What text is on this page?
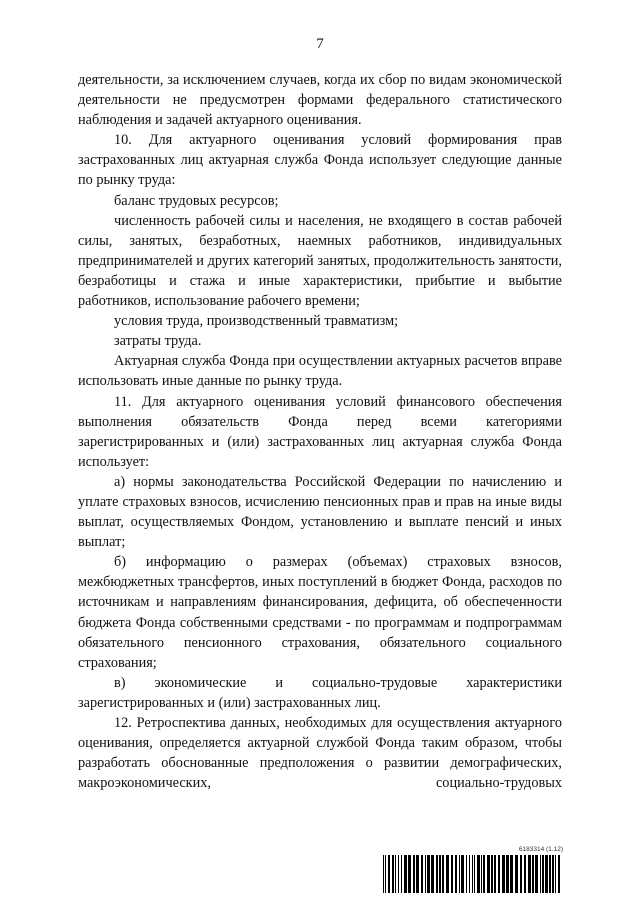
7

деятельности, за исключением случаев, когда их сбор по видам экономической деятельности не предусмотрен формами федерального статистического наблюдения и задачей актуарного оценивания.

10. Для актуарного оценивания условий формирования прав застрахованных лиц актуарная служба Фонда использует следующие данные по рынку труда:

баланс трудовых ресурсов;

численность рабочей силы и населения, не входящего в состав рабочей силы, занятых, безработных, наемных работников, индивидуальных предпринимателей и других категорий занятых, продолжительность занятости, безработицы и стажа и иные характеристики, прибытие и выбытие работников, использование рабочего времени;

условия труда, производственный травматизм;

затраты труда.

Актуарная служба Фонда при осуществлении актуарных расчетов вправе использовать иные данные по рынку труда.

11. Для актуарного оценивания условий финансового обеспечения выполнения обязательств Фонда перед всеми категориями зарегистрированных и (или) застрахованных лиц актуарная служба Фонда использует:

а) нормы законодательства Российской Федерации по начислению и уплате страховых взносов, исчислению пенсионных прав и прав на иные виды выплат, осуществляемых Фондом, установлению и выплате пенсий и иных выплат;

б) информацию о размерах (объемах) страховых взносов, межбюджетных трансфертов, иных поступлений в бюджет Фонда, расходов по источникам и направлениям финансирования, дефицита, об обеспеченности бюджета Фонда собственными средствами - по программам и подпрограммам обязательного пенсионного страхования, обязательного социального страхования;

в) экономические и социально-трудовые характеристики зарегистрированных и (или) застрахованных лиц.

12. Ретроспектива данных, необходимых для осуществления актуарного оценивания, определяется актуарной службой Фонда таким образом, чтобы разработать обоснованные предположения о развитии демографических, макроэкономических, социально-трудовых

6183314 (1.12)
